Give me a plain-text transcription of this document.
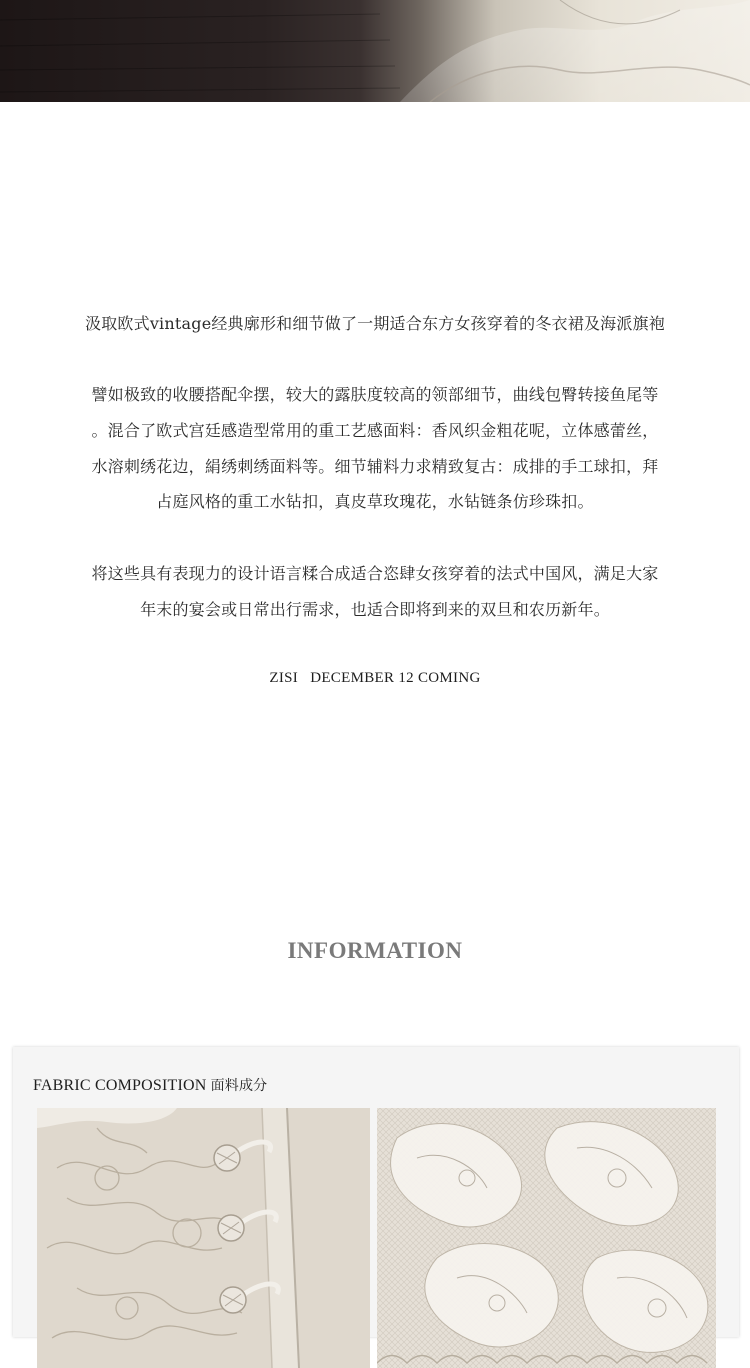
汲取欧式vintage经典廓形和细节做了一期适合东方女孩穿着的冬衣裙及海派旗袍
譬如极致的收腰搭配伞摆，较大的露肤度较高的领部细节，曲线包臀转接鱼尾等
。混合了欧式宫廷感造型常用的重工艺感面料：香风织金粗花呢，立体感蕾丝，
水溶刺绣花边，絹绣刺绣面料等。细节辅料力求精致复古：成排的手工球扣，拜
占庭风格的重工水钻扣，真皮草玫瑰花，水钻链条仿珍珠扣。
将这些具有表现力的设计语言糅合成适合恣肆女孩穿着的法式中国风，满足大家
年末的宴会或日常出行需求，也适合即将到来的双旦和农历新年。
ZISI   DECEMBER 12 COMING
INFORMATION
FABRIC COMPOSITION 面料成分
